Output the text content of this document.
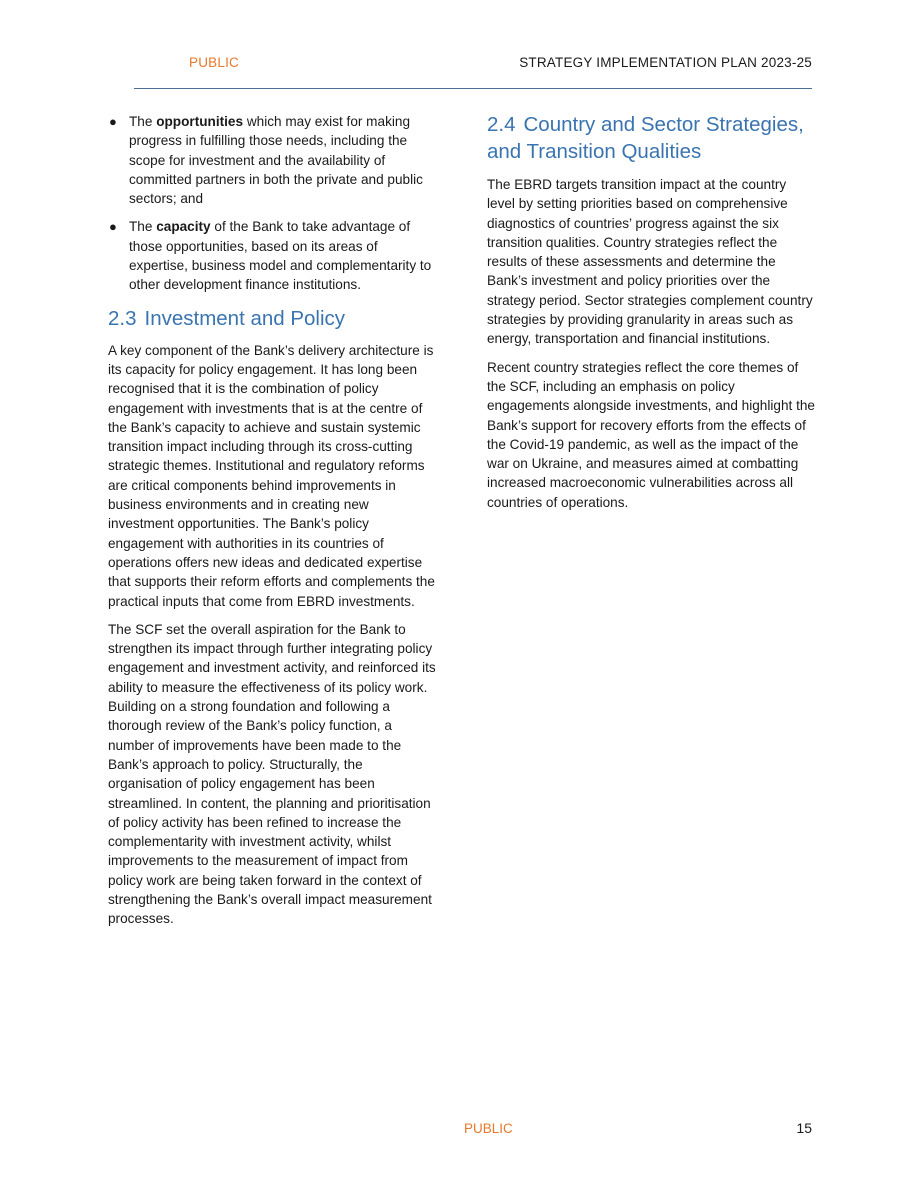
PUBLIC	STRATEGY IMPLEMENTATION PLAN 2023-25
● The opportunities which may exist for making progress in fulfilling those needs, including the scope for investment and the availability of committed partners in both the private and public sectors; and
● The capacity of the Bank to take advantage of those opportunities, based on its areas of expertise, business model and complementarity to other development finance institutions.
2.3 Investment and Policy

A key component of the Bank’s delivery architecture is its capacity for policy engagement. It has long been recognised that it is the combination of policy engagement with investments that is at the centre of the Bank’s capacity to achieve and sustain systemic transition impact including through its cross-cutting strategic themes. Institutional and regulatory reforms are critical components behind improvements in business environments and in creating new investment opportunities. The Bank’s policy engagement with authorities in its countries of operations offers new ideas and dedicated expertise that supports their reform efforts and complements the practical inputs that come from EBRD investments.

The SCF set the overall aspiration for the Bank to strengthen its impact through further integrating policy engagement and investment activity, and reinforced its ability to measure the effectiveness of its policy work. Building on a strong foundation and following a thorough review of the Bank’s policy function, a number of improvements have been made to the Bank’s approach to policy. Structurally, the organisation of policy engagement has been streamlined. In content, the planning and prioritisation of policy activity has been refined to increase the complementarity with investment activity, whilst improvements to the measurement of impact from policy work are being taken forward in the context of strengthening the Bank’s overall impact measurement processes.

2.4 Country and Sector Strategies, and Transition Qualities

The EBRD targets transition impact at the country level by setting priorities based on comprehensive diagnostics of countries’ progress against the six transition qualities. Country strategies reflect the results of these assessments and determine the Bank’s investment and policy priorities over the strategy period. Sector strategies complement country strategies by providing granularity in areas such as energy, transportation and financial institutions.

Recent country strategies reflect the core themes of the SCF, including an emphasis on policy engagements alongside investments, and highlight the Bank’s support for recovery efforts from the effects of the Covid-19 pandemic, as well as the impact of the war on Ukraine, and measures aimed at combatting increased macroeconomic vulnerabilities across all countries of operations.

PUBLIC	15
